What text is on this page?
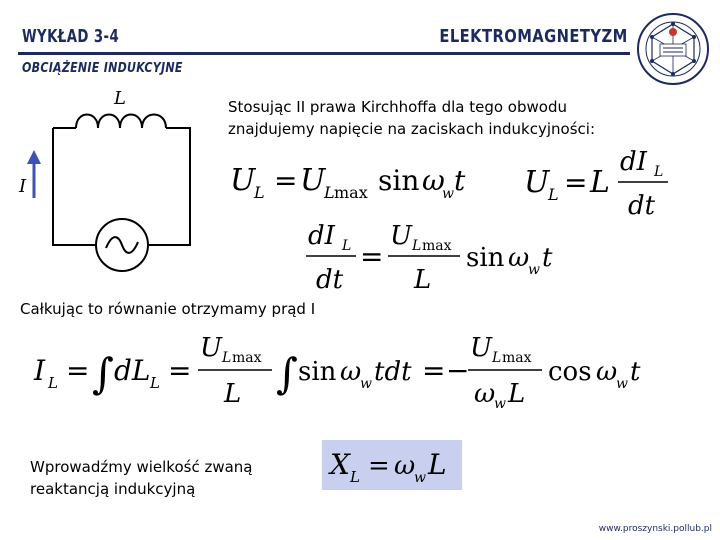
WYKŁAD 3-4	ELEKTROMAGNETYZM
OBCIĄŻENIE INDUKCYJNE
L
I
Stosując II prawa Kirchhoffa dla tego obwodu znajdujemy napięcie na zaciskach indukcyjności:
U
L = U
L max sin ω
w t U
L = L
dI L
dt
dI L
dt
=
U L max
L
sin ω
w t
Całkując to równanie otrzymamy prąd I
I L = ∫ dL L =
U L max
L ∫ sin ω
w tdt = −
U L max
ω
w L
cos ω
w t
Wprowadźmy wielkość zwaną reaktancją indukcyjną
X L = ω
w L
www.proszynski.pollub.pl
